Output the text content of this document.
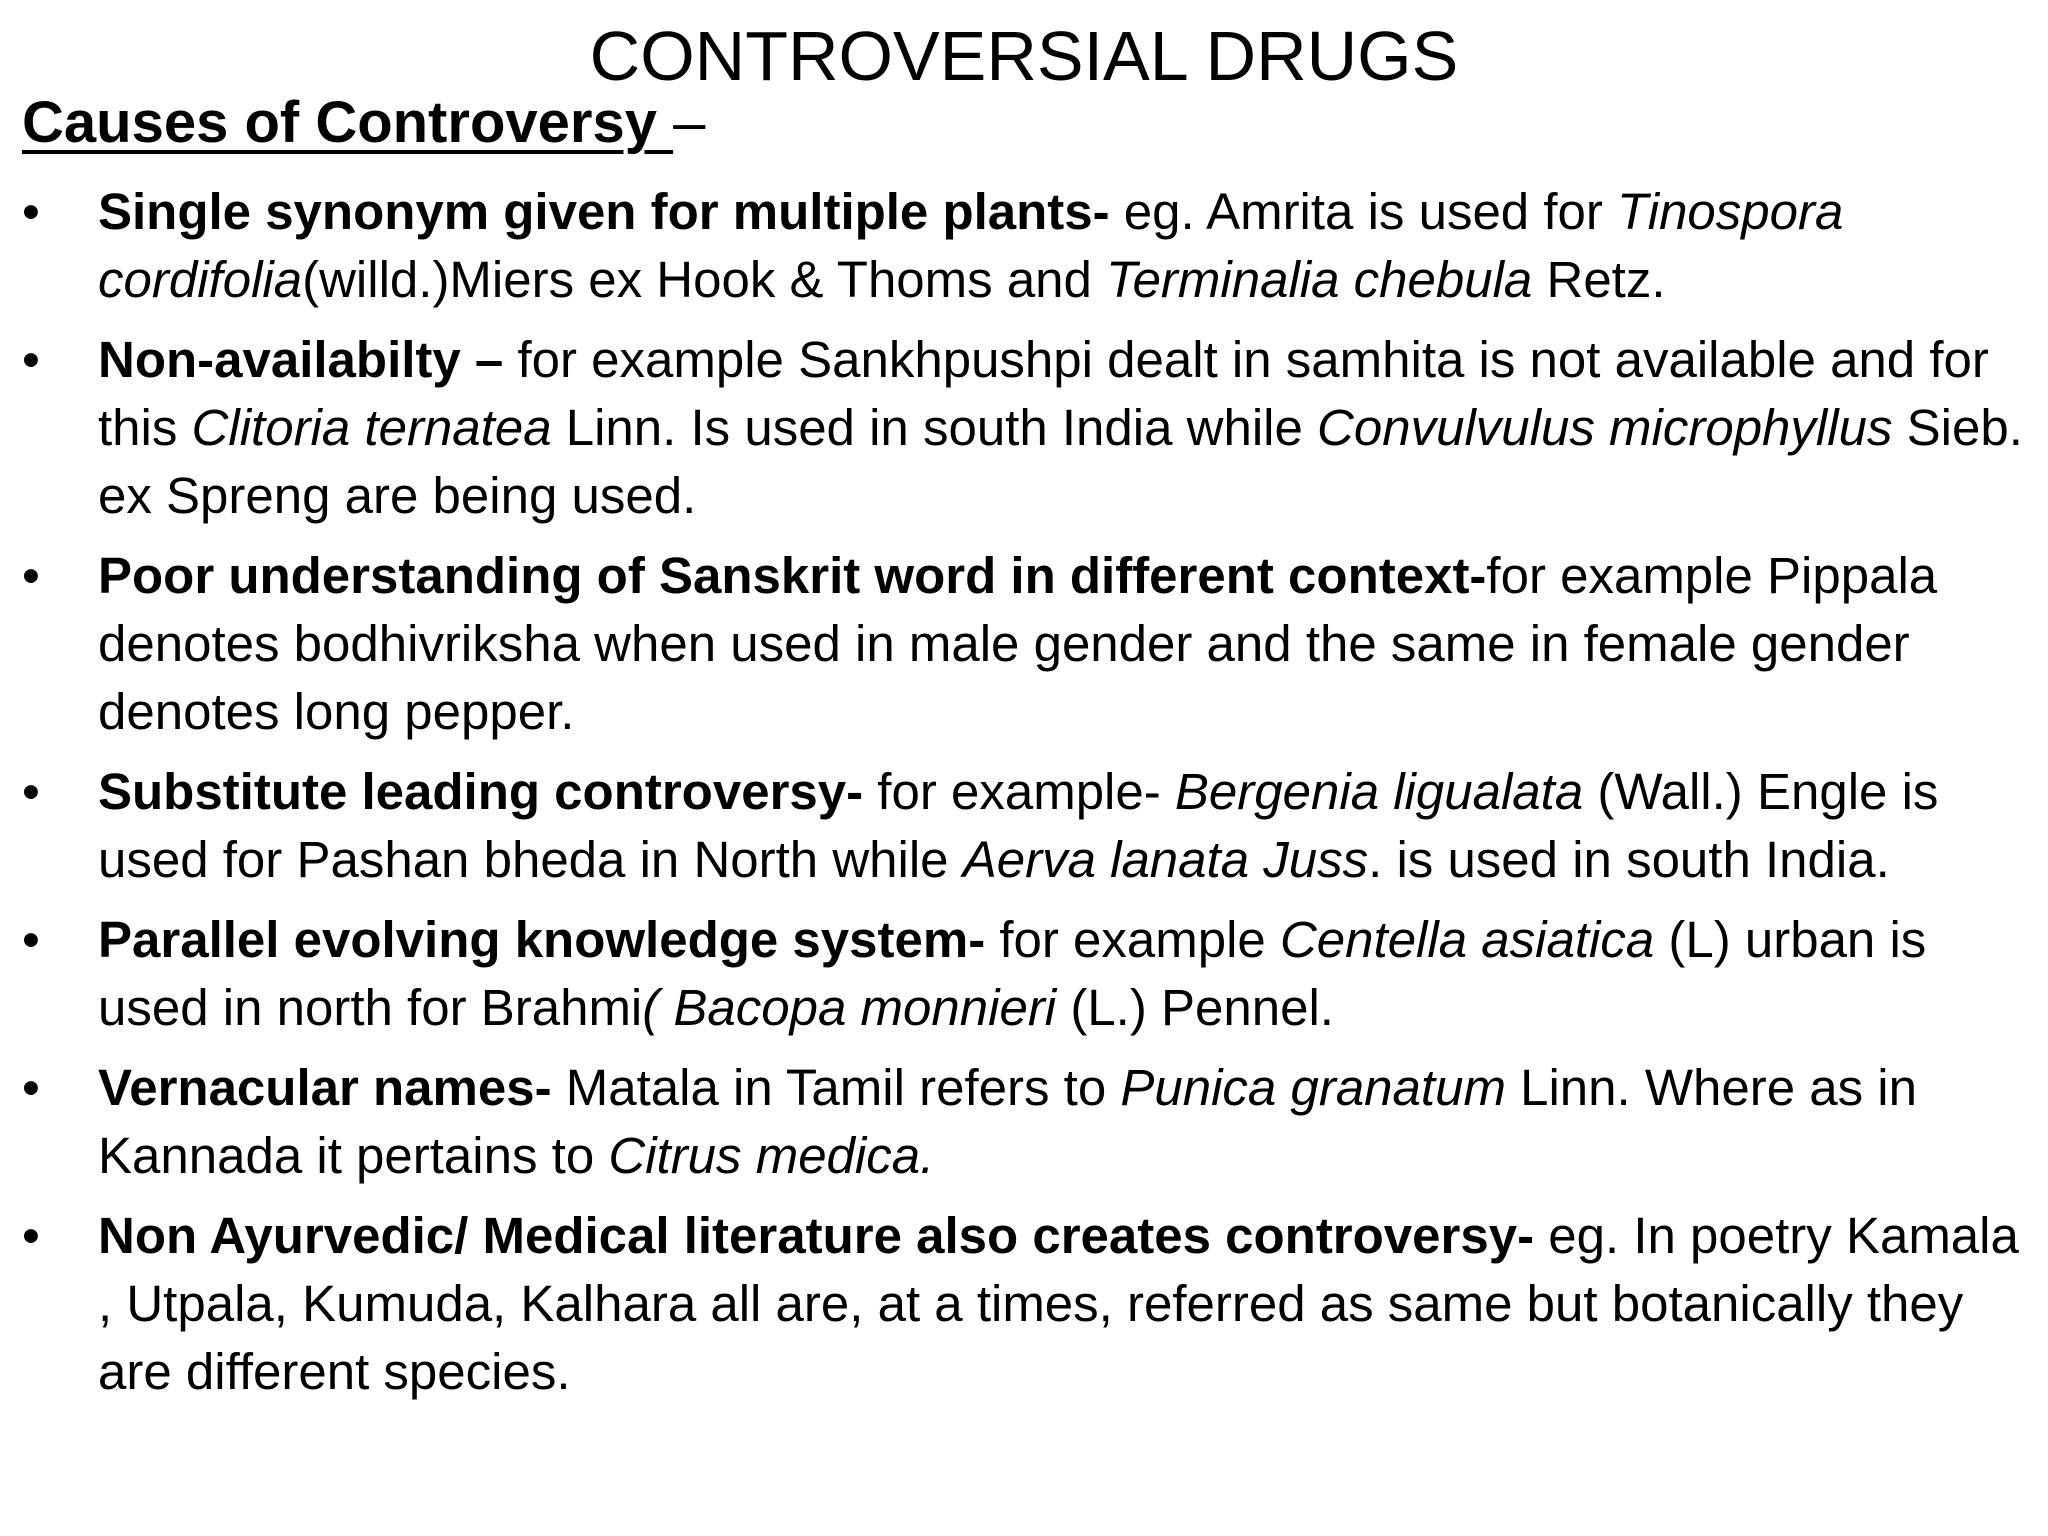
CONTROVERSIAL DRUGS
Causes of Controversy –
•	Single synonym given for multiple plants- eg. Amrita is used for Tinospora cordifolia(willd.)Miers ex Hook & Thoms and Terminalia chebula Retz.
•	Non-availabilty – for example Sankhpushpi dealt in samhita is not available and for this Clitoria ternatea Linn. Is used in south India while Convulvulus microphyllus Sieb. ex Spreng are being used.
•	Poor understanding of Sanskrit word in different context-for example Pippala denotes bodhivriksha when used in male gender and the same in female gender denotes long pepper.
•	Substitute leading controversy- for example- Bergenia ligualata (Wall.) Engle is used for Pashan bheda in North while Aerva lanata Juss. is used in south India.
•	Parallel evolving knowledge system- for example Centella asiatica (L) urban is used in north for Brahmi( Bacopa monnieri (L.) Pennel.
•	Vernacular names- Matala in Tamil refers to Punica granatum Linn. Where as in Kannada it pertains to Citrus medica.
•	Non Ayurvedic/ Medical literature also creates controversy- eg. In poetry Kamala , Utpala, Kumuda, Kalhara all are, at a times, referred as same but botanically they are different species.
